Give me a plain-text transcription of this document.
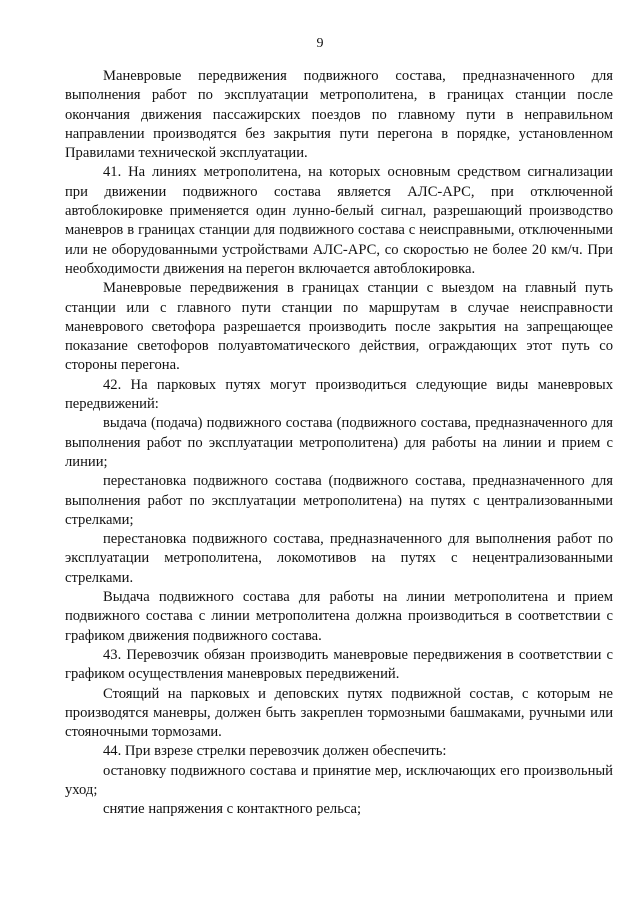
9

Маневровые передвижения подвижного состава, предназначенного для выполнения работ по эксплуатации метрополитена, в границах станции после окончания движения пассажирских поездов по главному пути в неправильном направлении производятся без закрытия пути перегона в порядке, установленном Правилами технической эксплуатации.

41. На линиях метрополитена, на которых основным средством сигнализации при движении подвижного состава является АЛС-АРС, при отключенной автоблокировке применяется один лунно-белый сигнал, разрешающий производство маневров в границах станции для подвижного состава с неисправными, отключенными или не оборудованными устройствами АЛС-АРС, со скоростью не более 20 км/ч. При необходимости движения на перегон включается автоблокировка.

Маневровые передвижения в границах станции с выездом на главный путь станции или с главного пути станции по маршрутам в случае неисправности маневрового светофора разрешается производить после закрытия на запрещающее показание светофоров полуавтоматического действия, ограждающих этот путь со стороны перегона.

42. На парковых путях могут производиться следующие виды маневровых передвижений:

выдача (подача) подвижного состава (подвижного состава, предназначенного для выполнения работ по эксплуатации метрополитена) для работы на линии и прием с линии;

перестановка подвижного состава (подвижного состава, предназначенного для выполнения работ по эксплуатации метрополитена) на путях с централизованными стрелками;

перестановка подвижного состава, предназначенного для выполнения работ по эксплуатации метрополитена, локомотивов на путях с нецентрализованными стрелками.

Выдача подвижного состава для работы на линии метрополитена и прием подвижного состава с линии метрополитена должна производиться в соответствии с графиком движения подвижного состава.

43. Перевозчик обязан производить маневровые передвижения в соответствии с графиком осуществления маневровых передвижений.

Стоящий на парковых и деповских путях подвижной состав, с которым не производятся маневры, должен быть закреплен тормозными башмаками, ручными или стояночными тормозами.

44. При взрезе стрелки перевозчик должен обеспечить:

остановку подвижного состава и принятие мер, исключающих его произвольный уход;

снятие напряжения с контактного рельса;
